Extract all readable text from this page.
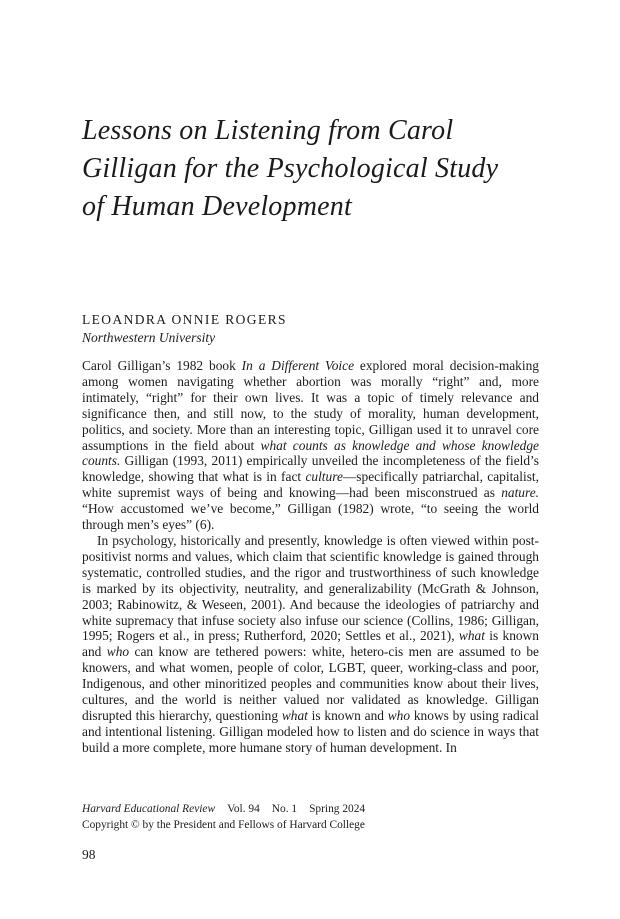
Lessons on Listening from Carol
Gilligan for the Psychological Study
of Human Development
LEOANDRA ONNIE ROGERS
Northwestern University

Carol Gilligan’s 1982 book In a Different Voice explored moral decision-making among women navigating whether abortion was morally “right” and, more intimately, “right” for their own lives. It was a topic of timely relevance and significance then, and still now, to the study of morality, human development, politics, and society. More than an interesting topic, Gilligan used it to unravel core assumptions in the field about what counts as knowledge and whose knowledge counts. Gilligan (1993, 2011) empirically unveiled the incompleteness of the field’s knowledge, showing that what is in fact culture—specifically patriarchal, capitalist, white supremist ways of being and knowing—had been misconstrued as nature. “How accustomed we’ve become,” Gilligan (1982) wrote, “to seeing the world through men’s eyes” (6).

In psychology, historically and presently, knowledge is often viewed within post-positivist norms and values, which claim that scientific knowledge is gained through systematic, controlled studies, and the rigor and trustworthiness of such knowledge is marked by its objectivity, neutrality, and generalizability (McGrath & Johnson, 2003; Rabinowitz, & Weseen, 2001). And because the ideologies of patriarchy and white supremacy that infuse society also infuse our science (Collins, 1986; Gilligan, 1995; Rogers et al., in press; Rutherford, 2020; Settles et al., 2021), what is known and who can know are tethered powers: white, hetero-cis men are assumed to be knowers, and what women, people of color, LGBT, queer, working-class and poor, Indigenous, and other minoritized peoples and communities know about their lives, cultures, and the world is neither valued nor validated as knowledge. Gilligan disrupted this hierarchy, questioning what is known and who knows by using radical and intentional listening. Gilligan modeled how to listen and do science in ways that build a more complete, more humane story of human development. In

Harvard Educational Review Vol. 94 No. 1 Spring 2024
Copyright © by the President and Fellows of Harvard College
98
